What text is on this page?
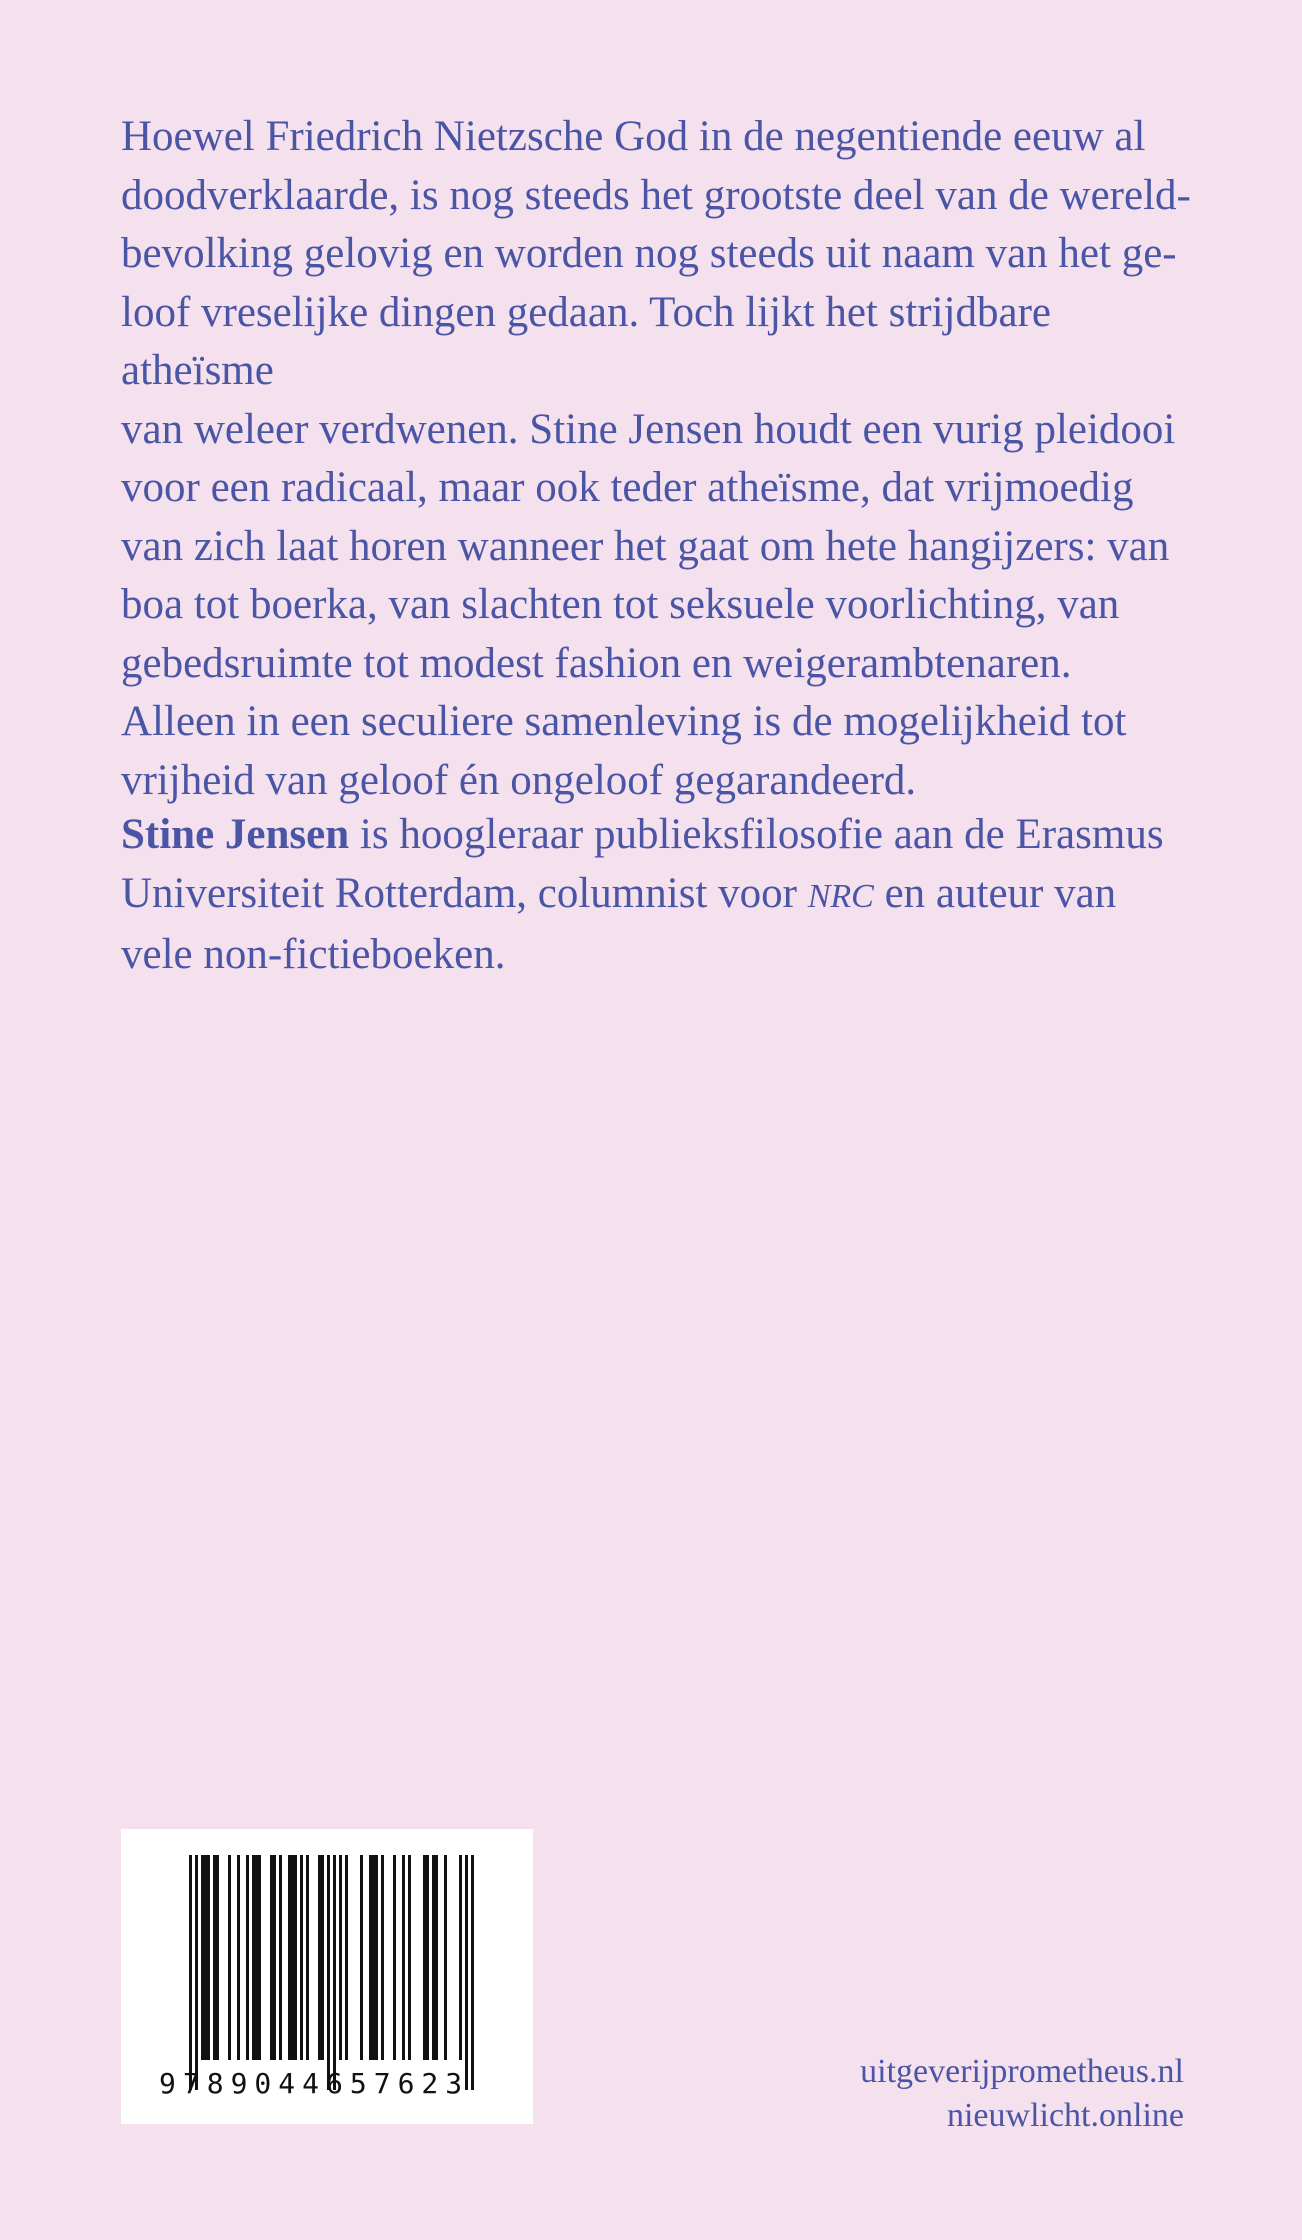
Hoewel Friedrich Nietzsche God in de negentiende eeuw al
doodverklaarde, is nog steeds het grootste deel van de wereld-
bevolking gelovig en worden nog steeds uit naam van het ge-
loof vreselijke dingen gedaan. Toch lijkt het strijdbare atheïsme
van weleer verdwenen. Stine Jensen houdt een vurig pleidooi
voor een radicaal, maar ook teder atheïsme, dat vrijmoedig
van zich laat horen wanneer het gaat om hete hangijzers: van
boa tot boerka, van slachten tot seksuele voorlichting, van
gebedsruimte tot modest fashion en weigerambtenaren.
Alleen in een seculiere samenleving is de mogelijkheid tot
vrijheid van geloof én ongeloof gegarandeerd.
Stine Jensen is hoogleraar publieksfilosofie aan de Erasmus
Universiteit Rotterdam, columnist voor NRC en auteur van
vele non-fictieboeken.
9789044657623	uitgeverijprometheus.nl
nieuwlicht.online
